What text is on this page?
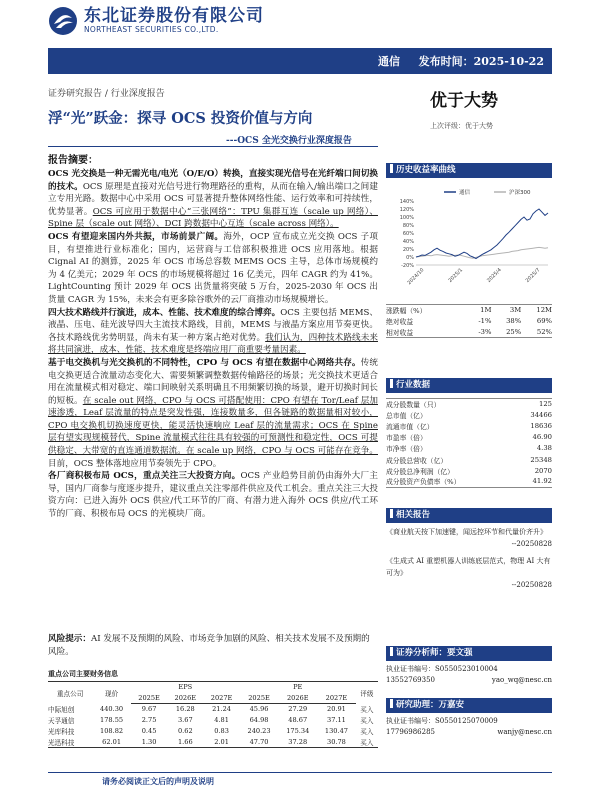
东北证券股份有限公司
NORTHEAST SECURITIES CO.,LTD.
通信 发布时间：2025-10-22
证券研究报告 ∕ 行业深度报告	优于大势
上次评级：优于大势
浮“光”跃金：探寻 OCS 投资价值与方向
---OCS 全光交换行业深度报告
报告摘要：

OCS 光交换是一种无需光电/电光（O/E/O）转换，直接实现光信号在光纤端口间切换的技术。OCS 原理是直接对光信号进行物理路径的重构，从而在输入/输出端口之间建立专用光路。数据中心中采用 OCS 可显著提升整体网络性能、运行效率和可持续性，优势显著。OCS 可应用于数据中心“三张网络”：TPU 集群互连（scale up 网络）、Spine 层（scale out 网络）、DCI 跨数据中心互连（scale across 网络）。

OCS 有望迎来国内外共振，市场前景广阔。海外，OCP 宣布成立光交换 OCS 子项目，有望推进行业标准化；国内，运营商与工信部积极推进 OCS 应用落地。根据 Cignal AI 的测算，2025 年 OCS 市场总容数 MEMS OCS 主导，总体市场规模约为 4 亿美元；2029 年 OCS 的市场规模将超过 16 亿美元，四年 CAGR 约为 41%。LightCounting 预计 2029 年 OCS 出货量将突破 5 万台，2025-2030 年 OCS 出货量 CAGR 为 15%，未来会有更多除谷歌外的云厂商推动市场规模增长。

四大技术路线并行演进，成本、性能、技术难度的综合博弈。OCS 主要包括 MEMS、液晶、压电、硅光波导四大主流技术路线，目前，MEMS 与液晶方案应用节奏更快。各技术路线优劣势明显，尚未有某一种方案占绝对优势。我们认为，四种技术路线未来将共同演进，成本、性能、技术难度是终端应用厂商重要考量因素。

基于电交换机与光交换机的不同特性，CPO 与 OCS 有望在数据中心网络共存。传统电交换更适合流量动态变化大、需要频繁调整数据传输路径的场景；光交换技术更适合用在流量模式相对稳定、端口间映射关系明确且不用频繁切换的场景，避开切换时间长的短板。在 scale out 网络，CPO 与 OCS 可搭配使用：CPO 有望在 Tor/Leaf 层加速渗透，Leaf 层流量的特点是突发性强，连接数量多，但各链路的数据量相对较小，CPO 电交换机切换速度更快，能灵活快速响应 Leaf 层的流量需求；OCS 在 Spine 层有望实现规模替代，Spine 流量模式往往具有较强的可预测性和稳定性，OCS 可提供稳定、大带宽的直连通道数据流。在 scale up 网络，CPO 与 OCS 可能存在竞争。目前，OCS 整体落地应用节奏领先于 CPO。

各厂商积极布局 OCS，重点关注三大投资方向。OCS 产业趋势目前仍由海外大厂主导，国内厂商参与度逐步提升，建议重点关注零部件供应及代工机会。重点关注三大投资方向：已进入海外 OCS 供应/代工环节的厂商、有潜力进入海外 OCS 供应/代工环节的厂商、积极布局 OCS 的光模块厂商。

风险提示：AI 发展不及预期的风险、市场竞争加剧的风险、相关技术发展不及预期的风险。
重点公司主要财务信息
重点公司	现价	EPS			PE			评级
		2025E	2026E	2027E	2025E	2026E	2027E	
中际旭创	440.30	9.67	16.28	21.24	45.96	27.29	20.91	买入
天孚通信	178.55	2.75	3.67	4.81	64.98	48.67	37.11	买入
光库科技	108.82	0.45	0.62	0.83	240.23	175.34	130.47	买入
光迅科技	62.01	1.30	1.66	2.01	47.70	37.28	30.78	买入
请务必阅读正文后的声明及说明
历史收益率曲线
140%
120%
100%
80%
60%
40%
20%
0%
-20%
2024/10	2025/1	2025/4	2025/7
通信	沪深300
涨跌幅（%）	1M	3M	12M
绝对收益	-1%	38%	69%
相对收益	-3%	25%	52%
行业数据
成分股数量（只）	125
总市值（亿）	34466
流通市值（亿）	18636
市盈率（倍）	46.90
市净率（倍）	4.38
成分股总营收（亿）	25348
成分股总净利润（亿）	2070
成分股资产负债率（%）	41.92
相关报告
《商业航天按下加速键，闻远控环节和代量价齐升》
--20250828
《生成式 AI 重塑机器人训练底层范式，物理 AI 大有可为》
--20250828
证券分析师：要文强
执业证书编号：S0550523010004
13552769350	yao_wq@nesc.cn
研究助理：万嘉安
执业证书编号：S0550125070009
17796986285	wanjy@nesc.cn
